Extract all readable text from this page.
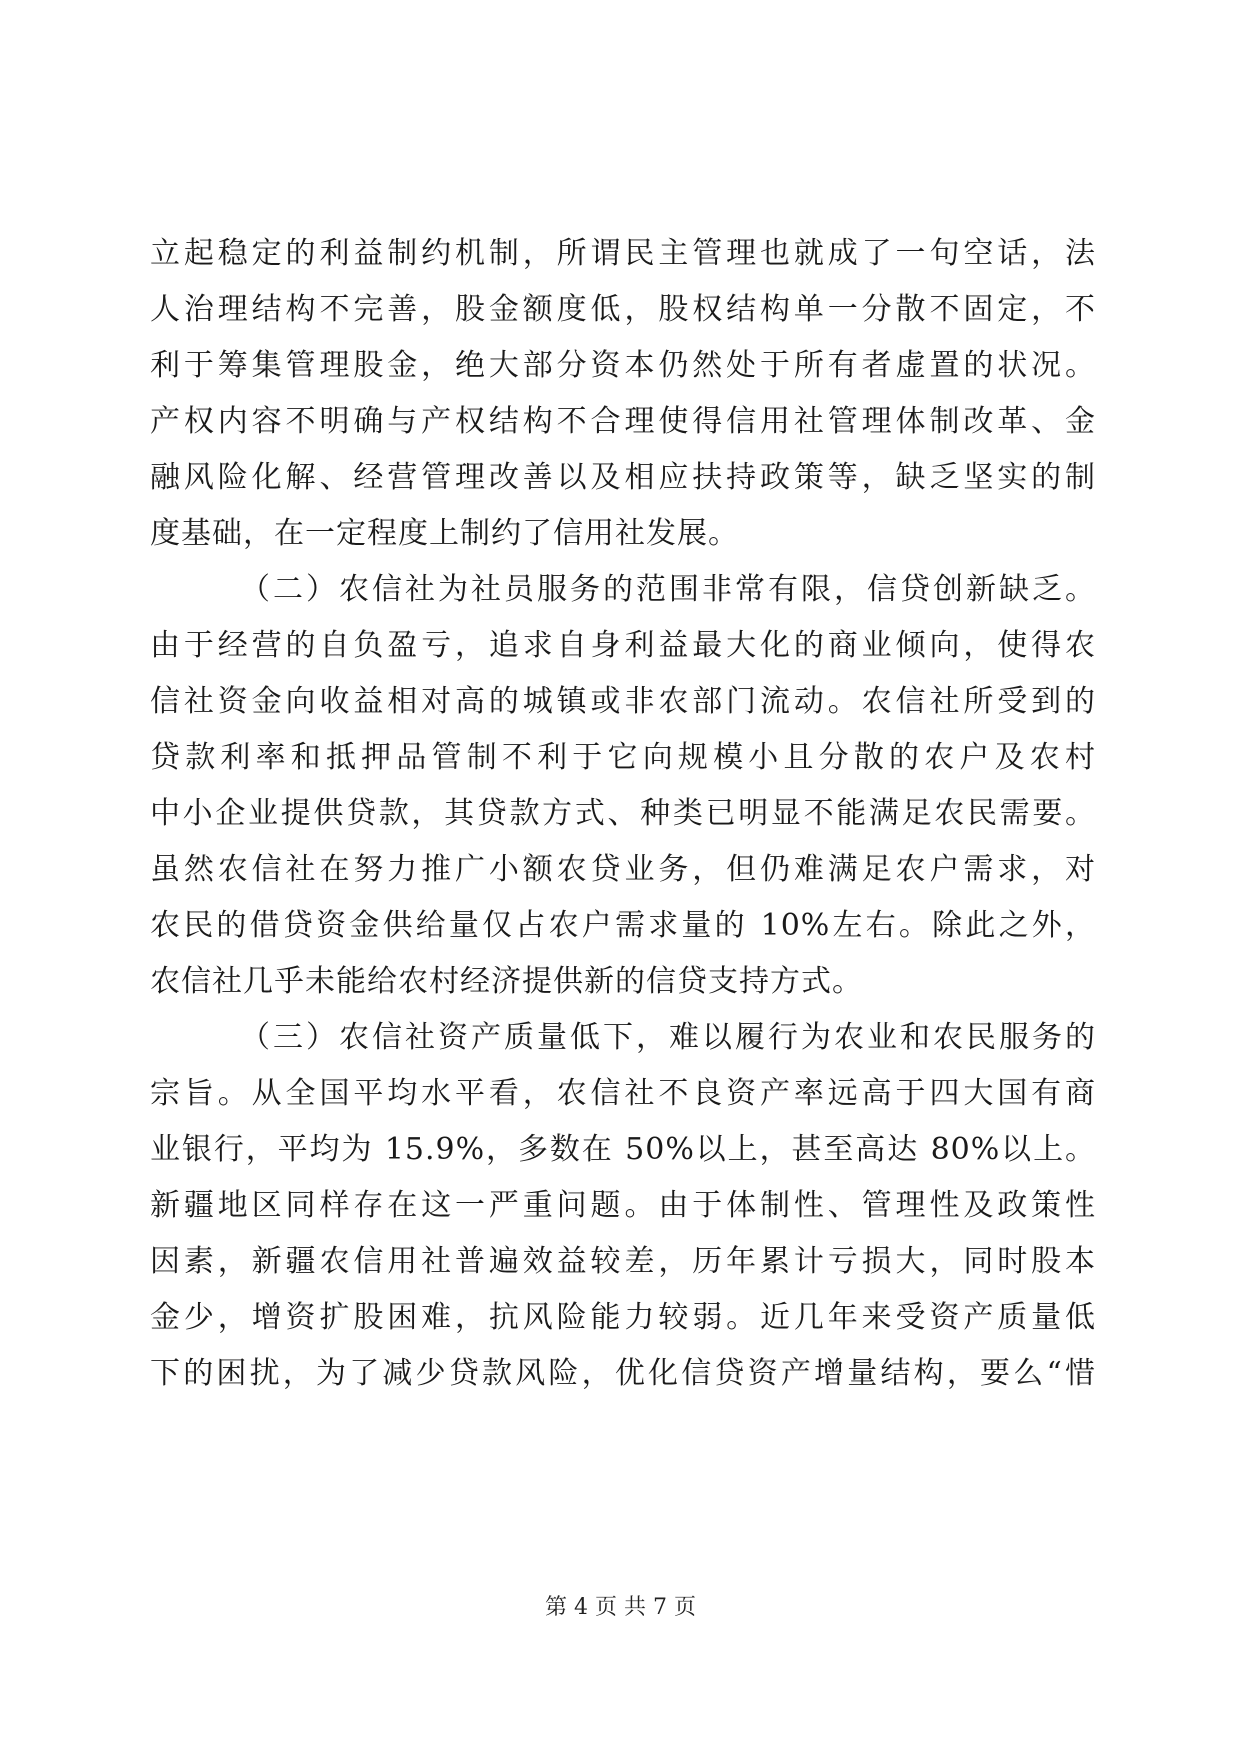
立起稳定的利益制约机制，所谓民主管理也就成了一句空话，法
人治理结构不完善，股金额度低，股权结构单一分散不固定，不
利于筹集管理股金，绝大部分资本仍然处于所有者虚置的状况。
产权内容不明确与产权结构不合理使得信用社管理体制改革、金
融风险化解、经营管理改善以及相应扶持政策等，缺乏坚实的制
度基础，在一定程度上制约了信用社发展。
（二）农信社为社员服务的范围非常有限，信贷创新缺乏。
由于经营的自负盈亏，追求自身利益最大化的商业倾向，使得农
信社资金向收益相对高的城镇或非农部门流动。农信社所受到的
贷款利率和抵押品管制不利于它向规模小且分散的农户及农村
中小企业提供贷款，其贷款方式、种类已明显不能满足农民需要。
虽然农信社在努力推广小额农贷业务，但仍难满足农户需求，对
农民的借贷资金供给量仅占农户需求量的 10%左右。除此之外，
农信社几乎未能给农村经济提供新的信贷支持方式。
（三）农信社资产质量低下，难以履行为农业和农民服务的
宗旨。从全国平均水平看，农信社不良资产率远高于四大国有商
业银行，平均为 15.9%，多数在 50%以上，甚至高达 80%以上。
新疆地区同样存在这一严重问题。由于体制性、管理性及政策性
因素，新疆农信用社普遍效益较差，历年累计亏损大，同时股本
金少，增资扩股困难，抗风险能力较弱。近几年来受资产质量低
下的困扰，为了减少贷款风险，优化信贷资产增量结构，要么“惜
第 4 页 共 7 页
